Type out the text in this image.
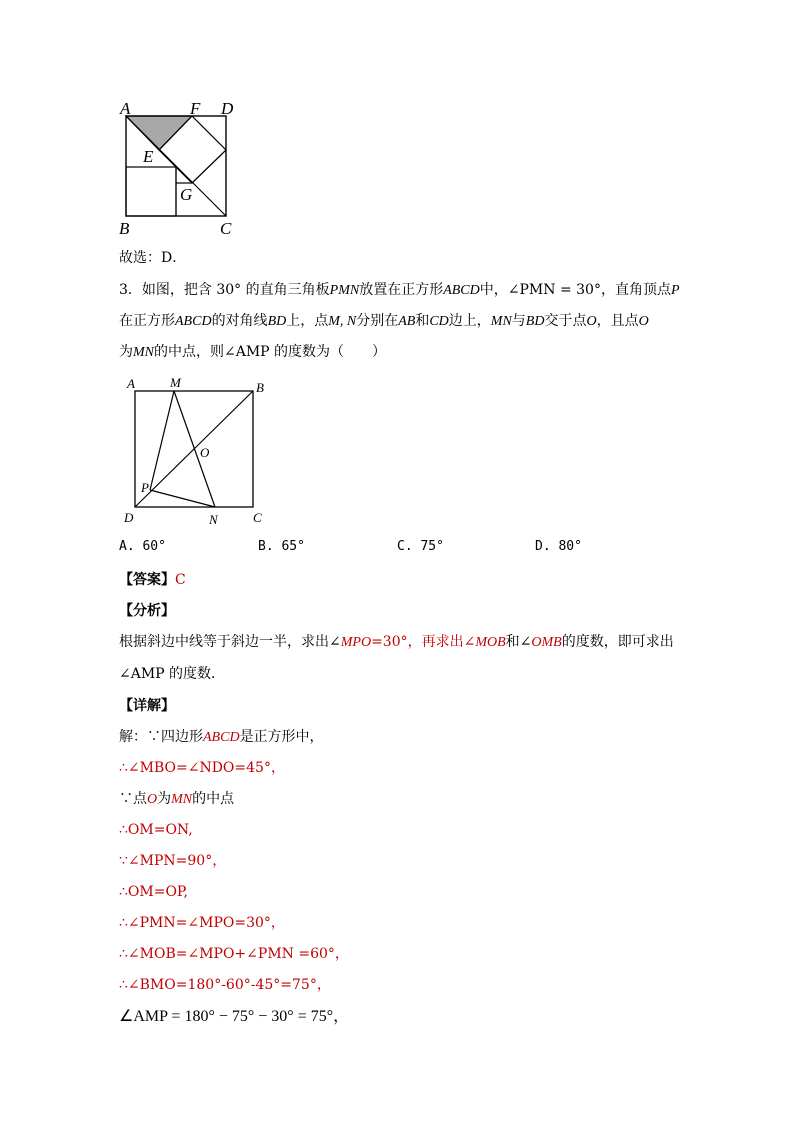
A	F D
E
G
B	C
故选：D．
3．如图，把含 30° 的直角三角板PMN放置在正方形ABCD中，∠PMN = 30°，直角顶点P
在正方形ABCD的对角线BD上，点M, N分别在AB和CD边上，MN与BD交于点O，且点O
为MN的中点，则∠AMP 的度数为（　　）
A	M	B
O
P
D	N	C
A. 60°	B. 65°	C. 75°	D. 80°
【答案】C
【分析】
根据斜边中线等于斜边一半，求出∠MPO=30°，再求出∠MOB和∠OMB的度数，即可求出
∠AMP 的度数．
【详解】
解：∵四边形ABCD是正方形中，
∴∠MBO=∠NDO=45°，
∵点O为MN的中点
∴OM=ON,
∵∠MPN=90°，
∴OM=OP,
∴∠PMN=∠MPO=30°，
∴∠MOB=∠MPO+∠PMN =60°，
∴∠BMO=180°-60°-45°=75°，
∠AMP = 180° − 75° − 30° = 75°，
